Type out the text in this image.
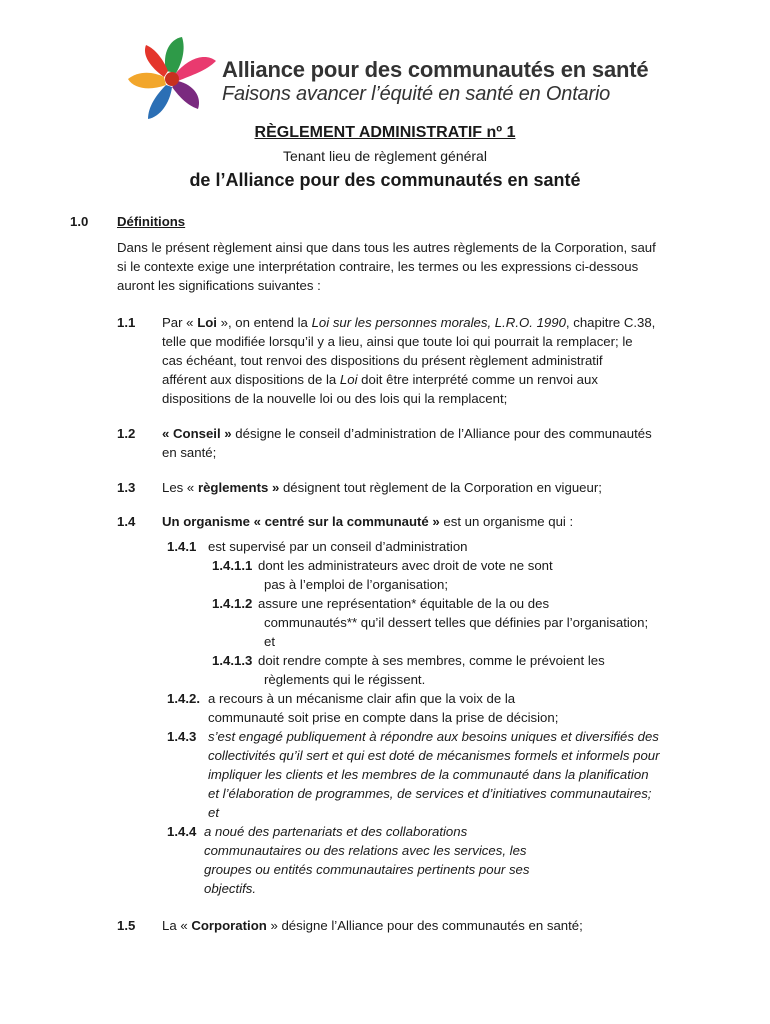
Alliance pour des communautés en santé
Faisons avancer l’équité en santé en Ontario
RÈGLEMENT ADMINISTRATIF nº 1
Tenant lieu de règlement général
de l’Alliance pour des communautés en santé
1.0 Définitions
Dans le présent règlement ainsi que dans tous les autres règlements de la Corporation, sauf
si le contexte exige une interprétation contraire, les termes ou les expressions ci-dessous
auront les significations suivantes :
1.1 Par « Loi », on entend la Loi sur les personnes morales, L.R.O. 1990, chapitre C.38,
telle que modifiée lorsqu’il y a lieu, ainsi que toute loi qui pourrait la remplacer; le
cas échéant, tout renvoi des dispositions du présent règlement administratif
afférent aux dispositions de la Loi doit être interprété comme un renvoi aux
dispositions de la nouvelle loi ou des lois qui la remplacent;
1.2 « Conseil » désigne le conseil d’administration de l’Alliance pour des communautés
en santé;
1.3 Les « règlements » désignent tout règlement de la Corporation en vigueur;
1.4 Un organisme « centré sur la communauté » est un organisme qui :
1.4.1 est supervisé par un conseil d’administration
1.4.1.1 dont les administrateurs avec droit de vote ne sont
pas à l’emploi de l’organisation;
1.4.1.2 assure une représentation* équitable de la ou des
communautés** qu’il dessert telles que définies par l’organisation;
et
1.4.1.3 doit rendre compte à ses membres, comme le prévoient les
règlements qui le régissent.
1.4.2. a recours à un mécanisme clair afin que la voix de la
communauté soit prise en compte dans la prise de décision;
1.4.3 s’est engagé publiquement à répondre aux besoins uniques et diversifiés des
collectivités qu’il sert et qui est doté de mécanismes formels et informels pour
impliquer les clients et les membres de la communauté dans la planification
et l’élaboration de programmes, de services et d’initiatives communautaires;
et
1.4.4 a noué des partenariats et des collaborations
communautaires ou des relations avec les services, les
groupes ou entités communautaires pertinents pour ses
objectifs.
1.5 La « Corporation » désigne l’Alliance pour des communautés en santé;
